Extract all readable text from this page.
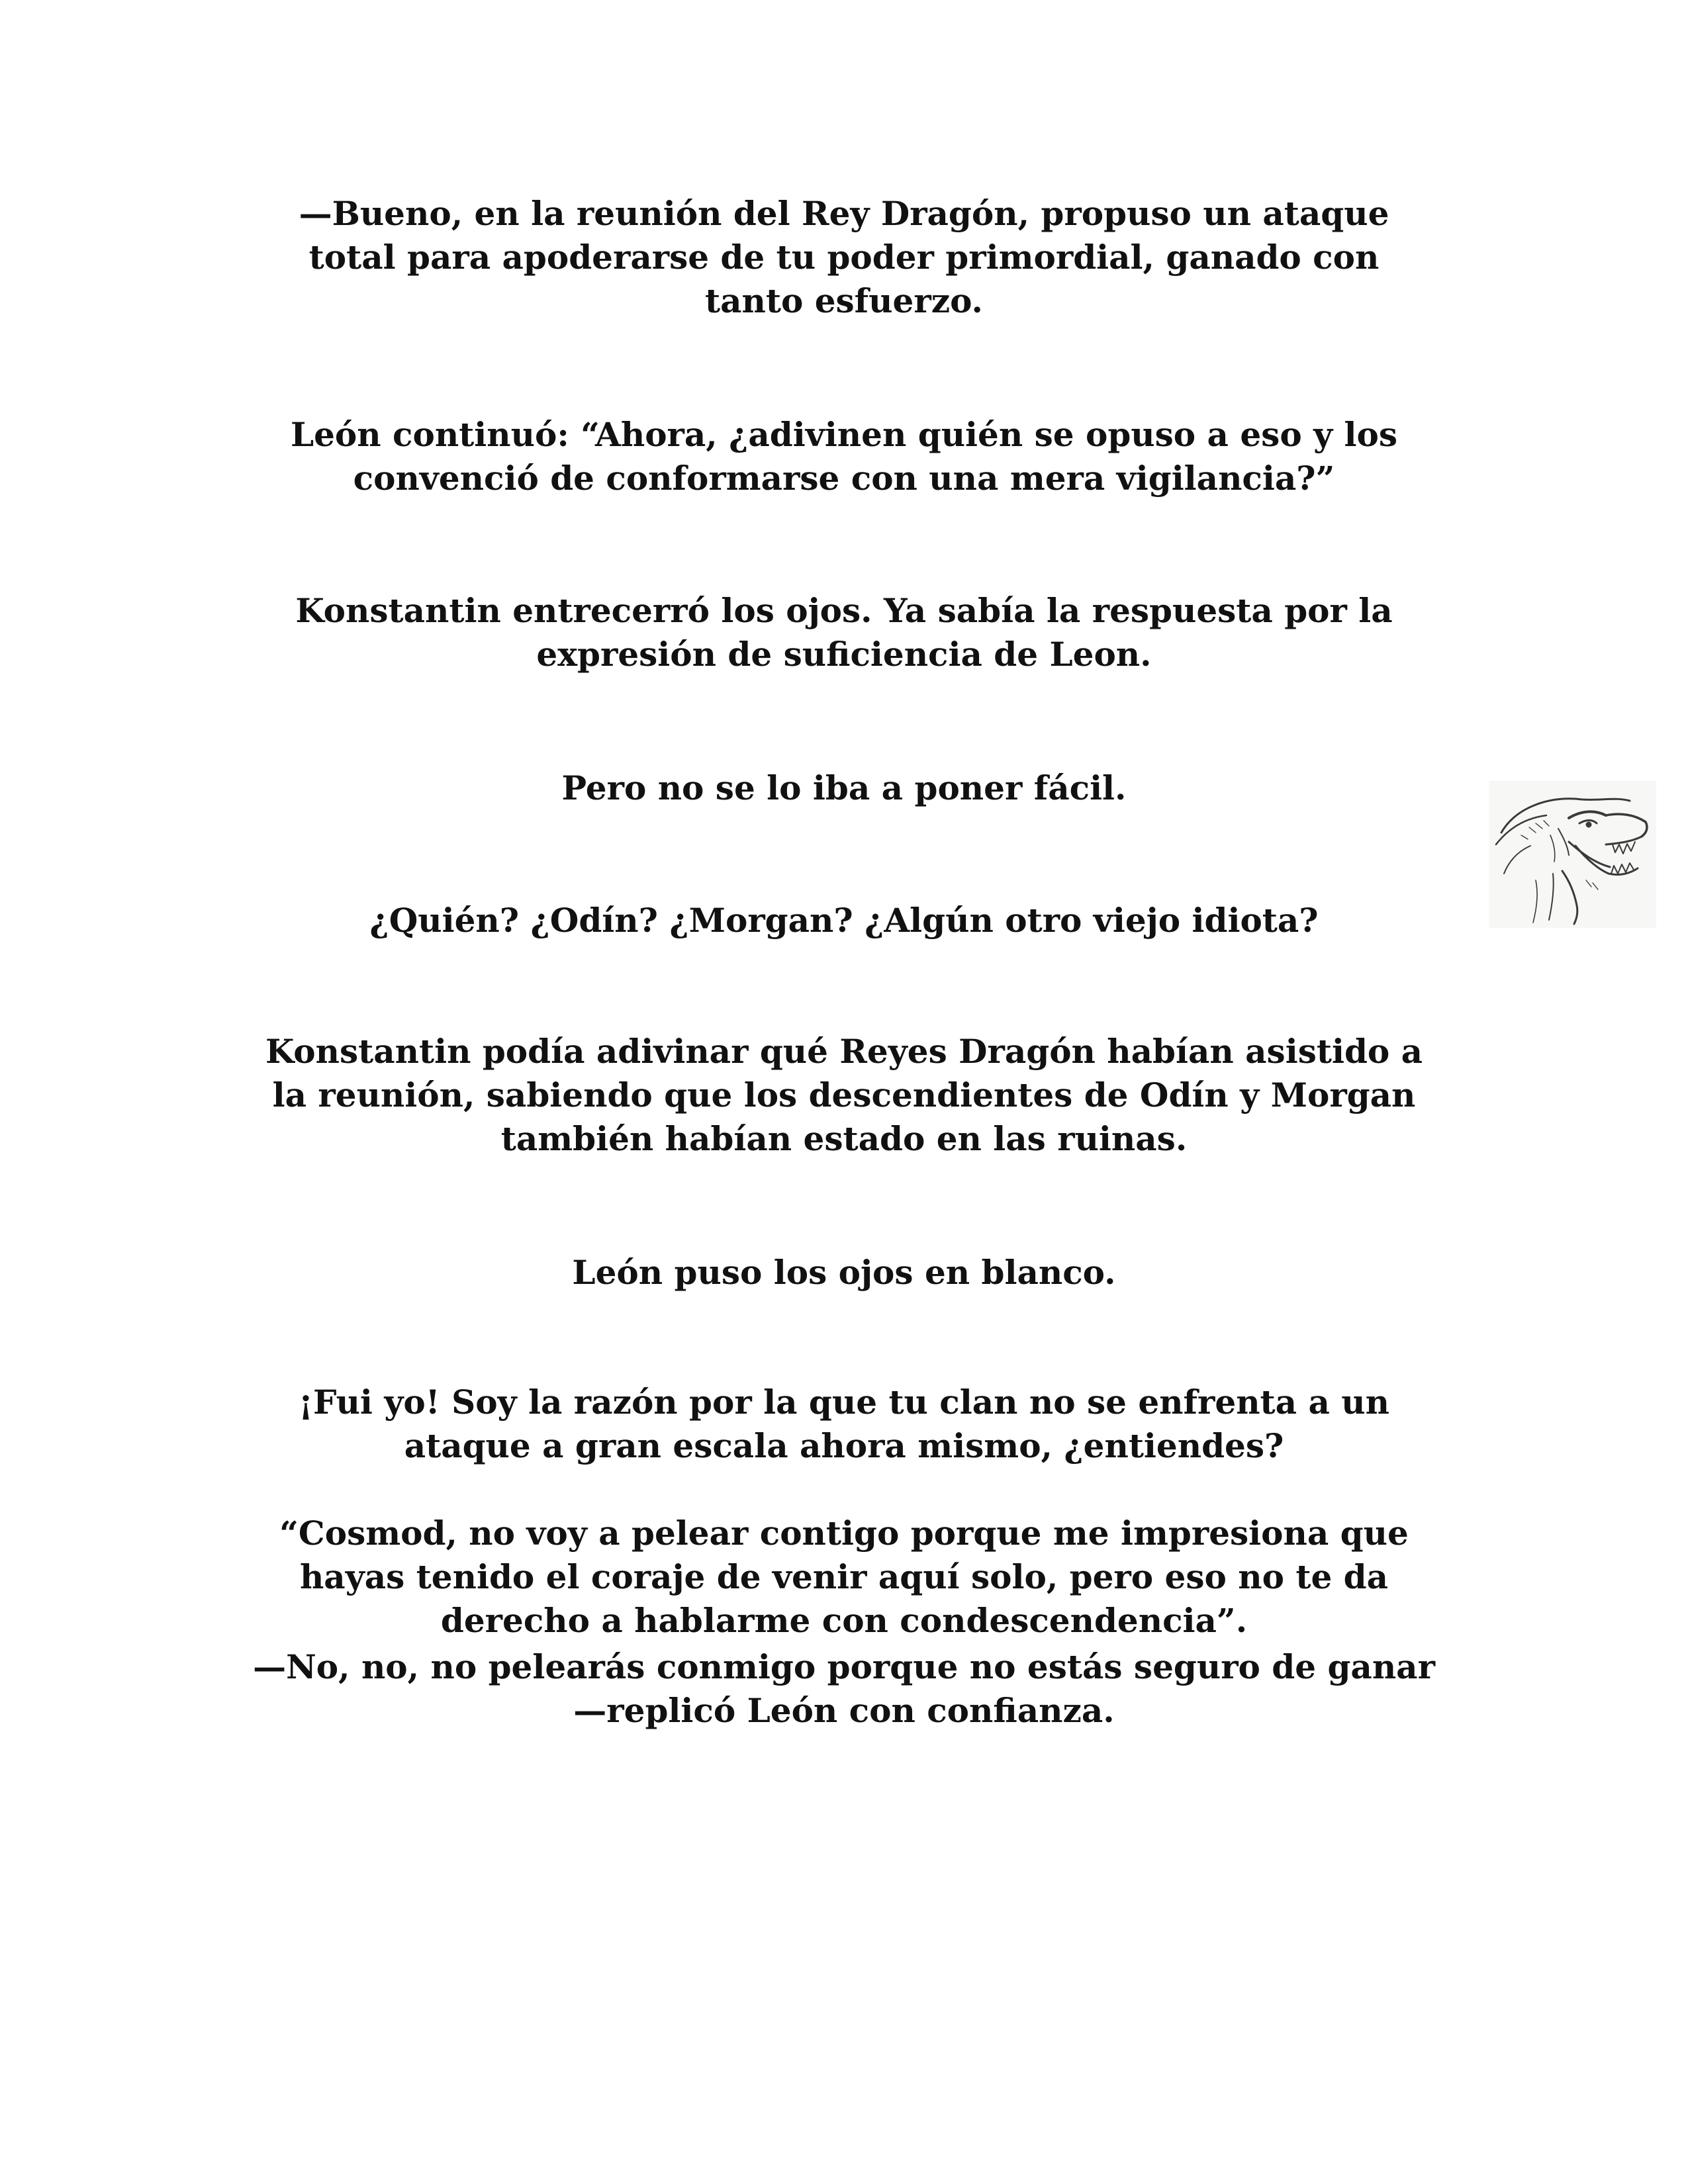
—Bueno, en la reunión del Rey Dragón, propuso un ataque
total para apoderarse de tu poder primordial, ganado con
tanto esfuerzo.

León continuó: “Ahora, ¿adivinen quién se opuso a eso y los
convenció de conformarse con una mera vigilancia?”

Konstantin entrecerró los ojos. Ya sabía la respuesta por la
expresión de suficiencia de Leon.

Pero no se lo iba a poner fácil.

¿Quién? ¿Odín? ¿Morgan? ¿Algún otro viejo idiota?

Konstantin podía adivinar qué Reyes Dragón habían asistido a
la reunión, sabiendo que los descendientes de Odín y Morgan
también habían estado en las ruinas.

León puso los ojos en blanco.

¡Fui yo! Soy la razón por la que tu clan no se enfrenta a un
ataque a gran escala ahora mismo, ¿entiendes?

“Cosmod, no voy a pelear contigo porque me impresiona que
hayas tenido el coraje de venir aquí solo, pero eso no te da
derecho a hablarme con condescendencia”.

—No, no, no pelearás conmigo porque no estás seguro de ganar
—replicó León con confianza.
